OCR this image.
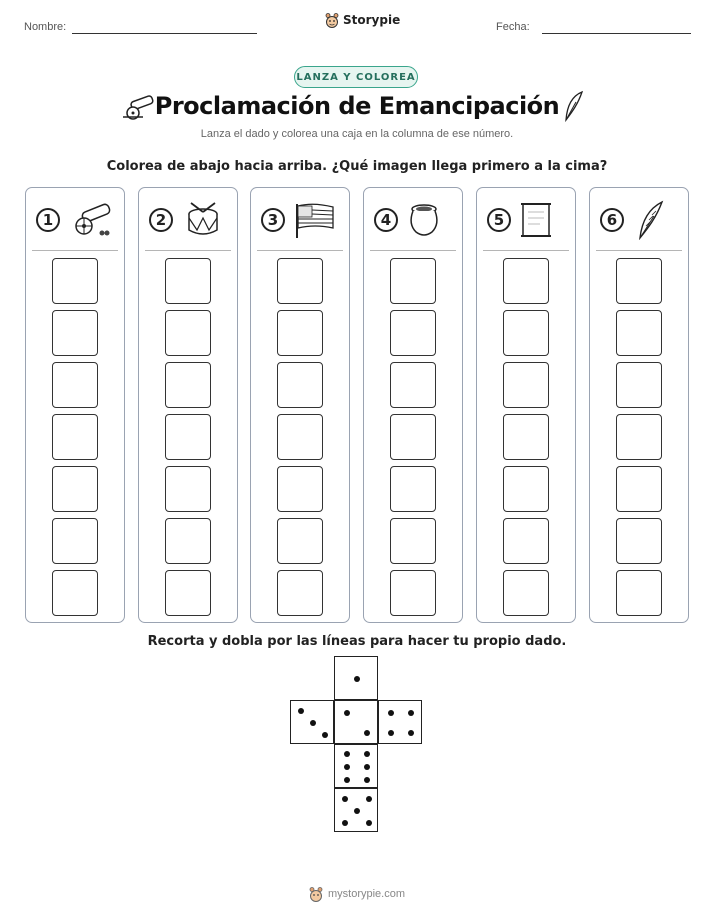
Nombre:	Storypie	Fecha:
LANZA Y COLOREA
Proclamación de Emancipación
Lanza el dado y colorea una caja en la columna de ese número.
Colorea de abajo hacia arriba. ¿Qué imagen llega primero a la cima?
1	2	3	4	5	6
Recorta y dobla por las líneas para hacer tu propio dado.
mystorypie.com
